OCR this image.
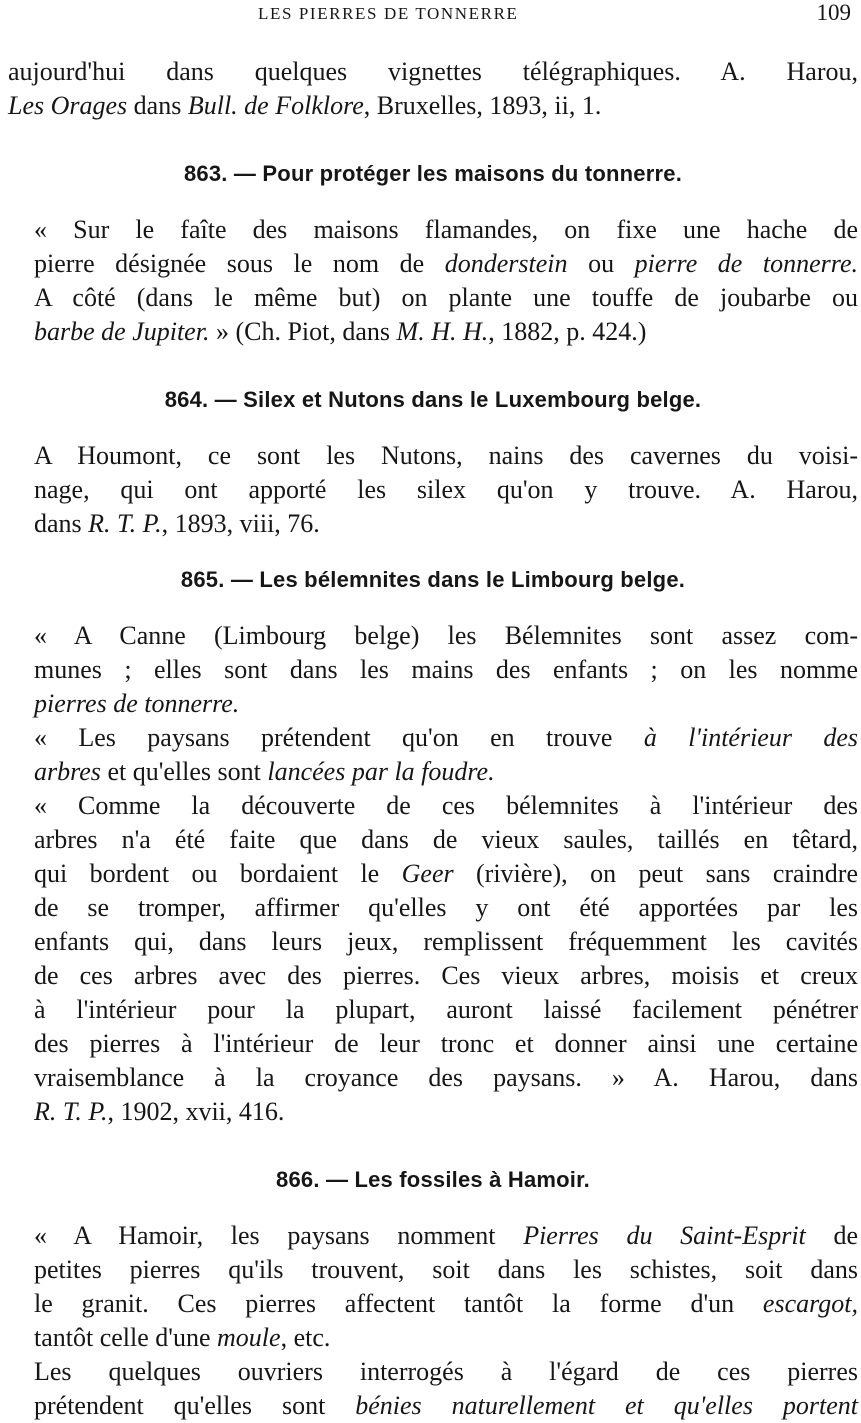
LES PIERRES DE TONNERRE	109

aujourd'hui dans quelques vignettes télégraphiques. A. Harou,
Les Orages dans Bull. de Folklore, Bruxelles, 1893, ii, 1.

863. — Pour protéger les maisons du tonnerre.

« Sur le faîte des maisons flamandes, on fixe une hache de
pierre désignée sous le nom de donderstein ou pierre de tonnerre.
A côté (dans le même but) on plante une touffe de joubarbe ou
barbe de Jupiter. » (Ch. Piot, dans M. H. H., 1882, p. 424.)

864. — Silex et Nutons dans le Luxembourg belge.

A Houmont, ce sont les Nutons, nains des cavernes du voisi-
nage, qui ont apporté les silex qu'on y trouve. A. Harou,
dans R. T. P., 1893, viii, 76.

865. — Les bélemnites dans le Limbourg belge.

« A Canne (Limbourg belge) les Bélemnites sont assez com-
munes ; elles sont dans les mains des enfants ; on les nomme
pierres de tonnerre.

« Les paysans prétendent qu'on en trouve à l'intérieur des
arbres et qu'elles sont lancées par la foudre.

« Comme la découverte de ces bélemnites à l'intérieur des
arbres n'a été faite que dans de vieux saules, taillés en têtard,
qui bordent ou bordaient le Geer (rivière), on peut sans craindre
de se tromper, affirmer qu'elles y ont été apportées par les
enfants qui, dans leurs jeux, remplissent fréquemment les cavités
de ces arbres avec des pierres. Ces vieux arbres, moisis et creux
à l'intérieur pour la plupart, auront laissé facilement pénétrer
des pierres à l'intérieur de leur tronc et donner ainsi une certaine
vraisemblance à la croyance des paysans. » A. Harou, dans
R. T. P., 1902, xvii, 416.

866. — Les fossiles à Hamoir.

« A Hamoir, les paysans nomment Pierres du Saint-Esprit de
petites pierres qu'ils trouvent, soit dans les schistes, soit dans
le granit. Ces pierres affectent tantôt la forme d'un escargot,
tantôt celle d'une moule, etc.

Les quelques ouvriers interrogés à l'égard de ces pierres
prétendent qu'elles sont bénies naturellement et qu'elles portent
